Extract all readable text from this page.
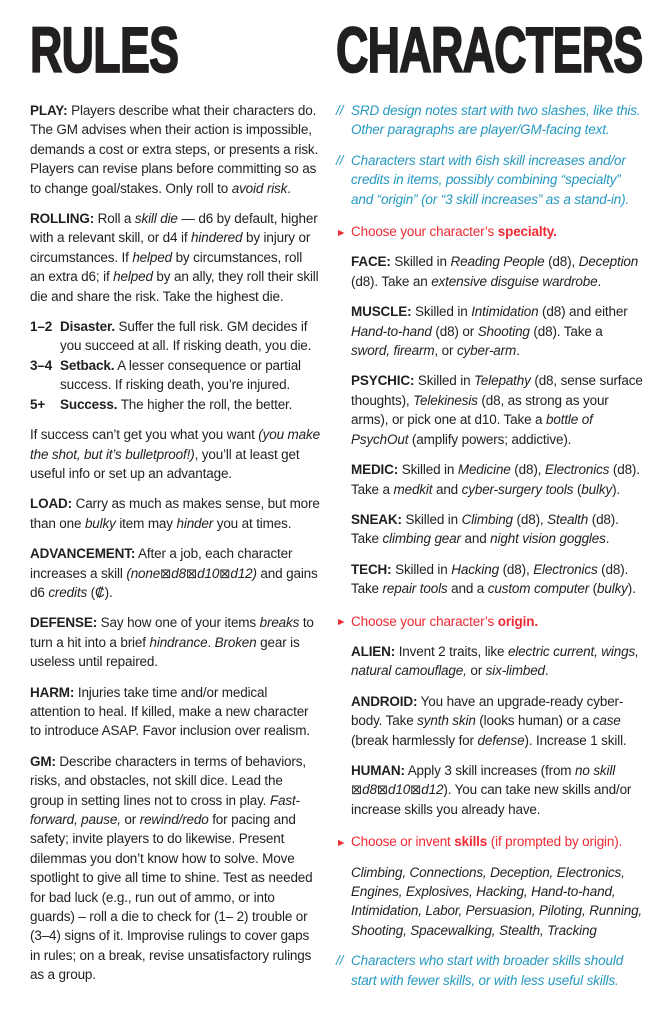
RULES

PLAY: Players describe what their characters do. The GM advises when their action is impossible, demands a cost or extra steps, or presents a risk. Players can revise plans before committing so as to change goal/stakes. Only roll to avoid risk.

ROLLING: Roll a skill die — d6 by default, higher with a relevant skill, or d4 if hindered by injury or circumstances. If helped by circumstances, roll an extra d6; if helped by an ally, they roll their skill die and share the risk. Take the highest die.

1–2 Disaster. Suffer the full risk. GM decides if you succeed at all. If risking death, you die.
3–4 Setback. A lesser consequence or partial success. If risking death, you’re injured.
5+ Success. The higher the roll, the better.

If success can’t get you what you want (you make the shot, but it’s bulletproof!), you’ll at least get useful info or set up an advantage.

LOAD: Carry as much as makes sense, but more than one bulky item may hinder you at times.

ADVANCEMENT: After a job, each character increases a skill (none⊠d8⊠d10⊠d12) and gains d6 credits (₡).

DEFENSE: Say how one of your items breaks to turn a hit into a brief hindrance. Broken gear is useless until repaired.

HARM: Injuries take time and/or medical attention to heal. If killed, make a new character to introduce ASAP. Favor inclusion over realism.

GM: Describe characters in terms of behaviors, risks, and obstacles, not skill dice. Lead the group in setting lines not to cross in play. Fast-forward, pause, or rewind/redo for pacing and safety; invite players to do likewise. Present dilemmas you don’t know how to solve. Move spotlight to give all time to shine. Test as needed for bad luck (e.g., run out of ammo, or into guards) – roll a die to check for (1– 2) trouble or (3–4) signs of it. Improvise rulings to cover gaps in rules; on a break, revise unsatisfactory rulings as a group.

CHARACTERS

// SRD design notes start with two slashes, like this. Other paragraphs are player/GM-facing text.

// Characters start with 6ish skill increases and/or credits in items, possibly combining “specialty” and “origin” (or “3 skill increases” as a stand-in).

► Choose your character’s specialty.

FACE: Skilled in Reading People (d8), Deception (d8). Take an extensive disguise wardrobe.

MUSCLE: Skilled in Intimidation (d8) and either Hand-to-hand (d8) or Shooting (d8). Take a sword, firearm, or cyber-arm.

PSYCHIC: Skilled in Telepathy (d8, sense surface thoughts), Telekinesis (d8, as strong as your arms), or pick one at d10. Take a bottle of PsychOut (amplify powers; addictive).

MEDIC: Skilled in Medicine (d8), Electronics (d8). Take a medkit and cyber-surgery tools (bulky).

SNEAK: Skilled in Climbing (d8), Stealth (d8). Take climbing gear and night vision goggles.

TECH: Skilled in Hacking (d8), Electronics (d8). Take repair tools and a custom computer (bulky).

► Choose your character’s origin.

ALIEN: Invent 2 traits, like electric current, wings, natural camouflage, or six-limbed.

ANDROID: You have an upgrade-ready cyber-body. Take synth skin (looks human) or a case (break harmlessly for defense). Increase 1 skill.

HUMAN: Apply 3 skill increases (from no skill ⊠d8⊠d10⊠d12). You can take new skills and/or increase skills you already have.

► Choose or invent skills (if prompted by origin).

Climbing, Connections, Deception, Electronics, Engines, Explosives, Hacking, Hand-to-hand, Intimidation, Labor, Persuasion, Piloting, Running, Shooting, Spacewalking, Stealth, Tracking

// Characters who start with broader skills should start with fewer skills, or with less useful skills.
